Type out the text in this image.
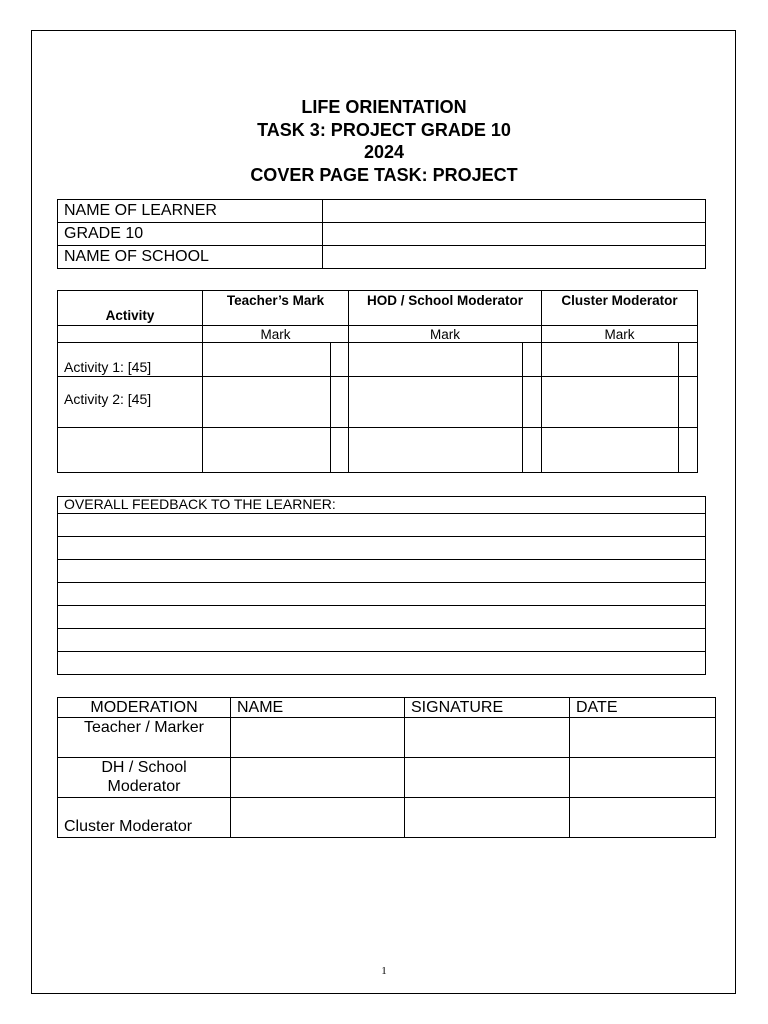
LIFE ORIENTATION
TASK 3: PROJECT GRADE 10
2024
COVER PAGE TASK: PROJECT
NAME OF LEARNER	
GRADE 10	
NAME OF SCHOOL	
Activity	Teacher’s Mark		HOD / School Moderator		Cluster Moderator	
	Mark		Mark		Mark	
Activity 1: [45]						
Activity 2: [45]						

OVERALL FEEDBACK TO THE LEARNER:

MODERATION	NAME	SIGNATURE	DATE
Teacher / Marker			
DH / School Moderator			
Cluster Moderator			
1
